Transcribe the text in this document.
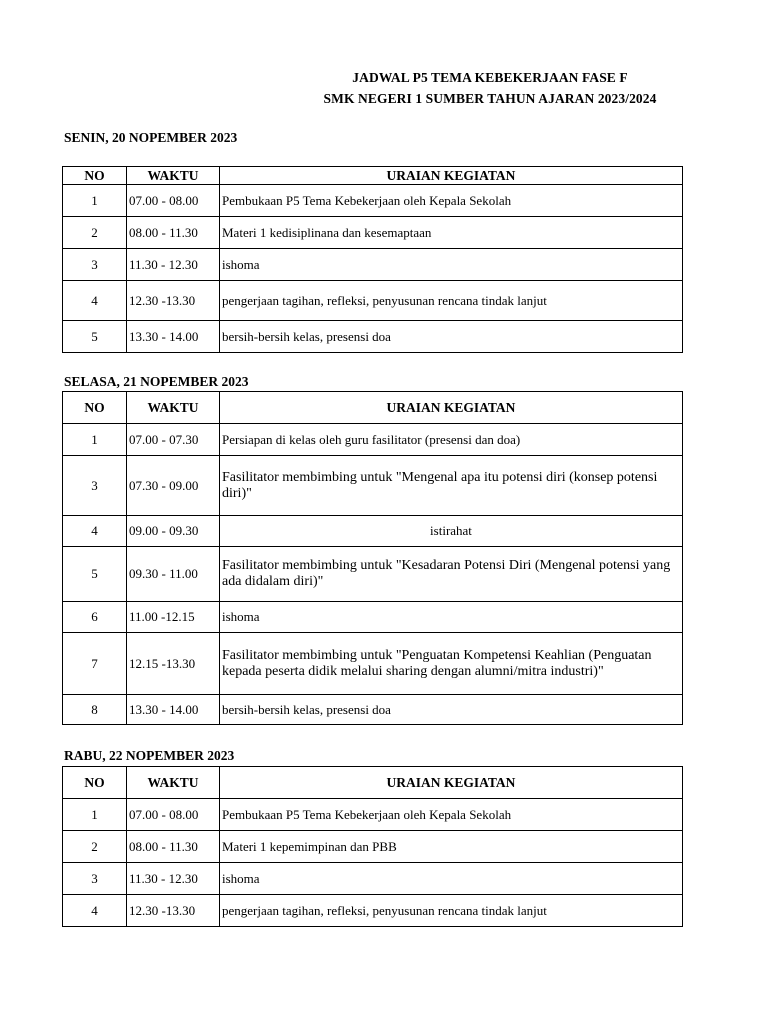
JADWAL P5 TEMA KEBEKERJAAN FASE F
SMK NEGERI 1 SUMBER TAHUN AJARAN 2023/2024
SENIN, 20 NOPEMBER 2023
NO	WAKTU	URAIAN KEGIATAN
1	07.00 - 08.00	Pembukaan P5 Tema Kebekerjaan oleh Kepala Sekolah
2	08.00 - 11.30	Materi 1 kedisiplinana dan kesemaptaan
3	11.30 - 12.30	ishoma
4	12.30 -13.30	pengerjaan tagihan, refleksi, penyusunan rencana tindak lanjut
5	13.30 - 14.00	bersih-bersih kelas, presensi doa
SELASA, 21 NOPEMBER 2023
NO	WAKTU	URAIAN KEGIATAN
1	07.00 - 07.30	Persiapan di kelas oleh guru fasilitator (presensi dan doa)
3	07.30 - 09.00	Fasilitator membimbing untuk "Mengenal apa itu potensi diri (konsep potensi diri)"
4	09.00 - 09.30	istirahat
5	09.30 - 11.00	Fasilitator membimbing untuk "Kesadaran Potensi Diri (Mengenal potensi yang ada didalam diri)"
6	11.00 -12.15	ishoma
7	12.15 -13.30	Fasilitator membimbing untuk "Penguatan Kompetensi Keahlian (Penguatan kepada peserta didik melalui sharing dengan alumni/mitra industri)"
8	13.30 - 14.00	bersih-bersih kelas, presensi doa
RABU, 22 NOPEMBER 2023
NO	WAKTU	URAIAN KEGIATAN
1	07.00 - 08.00	Pembukaan P5 Tema Kebekerjaan oleh Kepala Sekolah
2	08.00 - 11.30	Materi 1 kepemimpinan dan PBB
3	11.30 - 12.30	ishoma
4	12.30 -13.30	pengerjaan tagihan, refleksi, penyusunan rencana tindak lanjut
